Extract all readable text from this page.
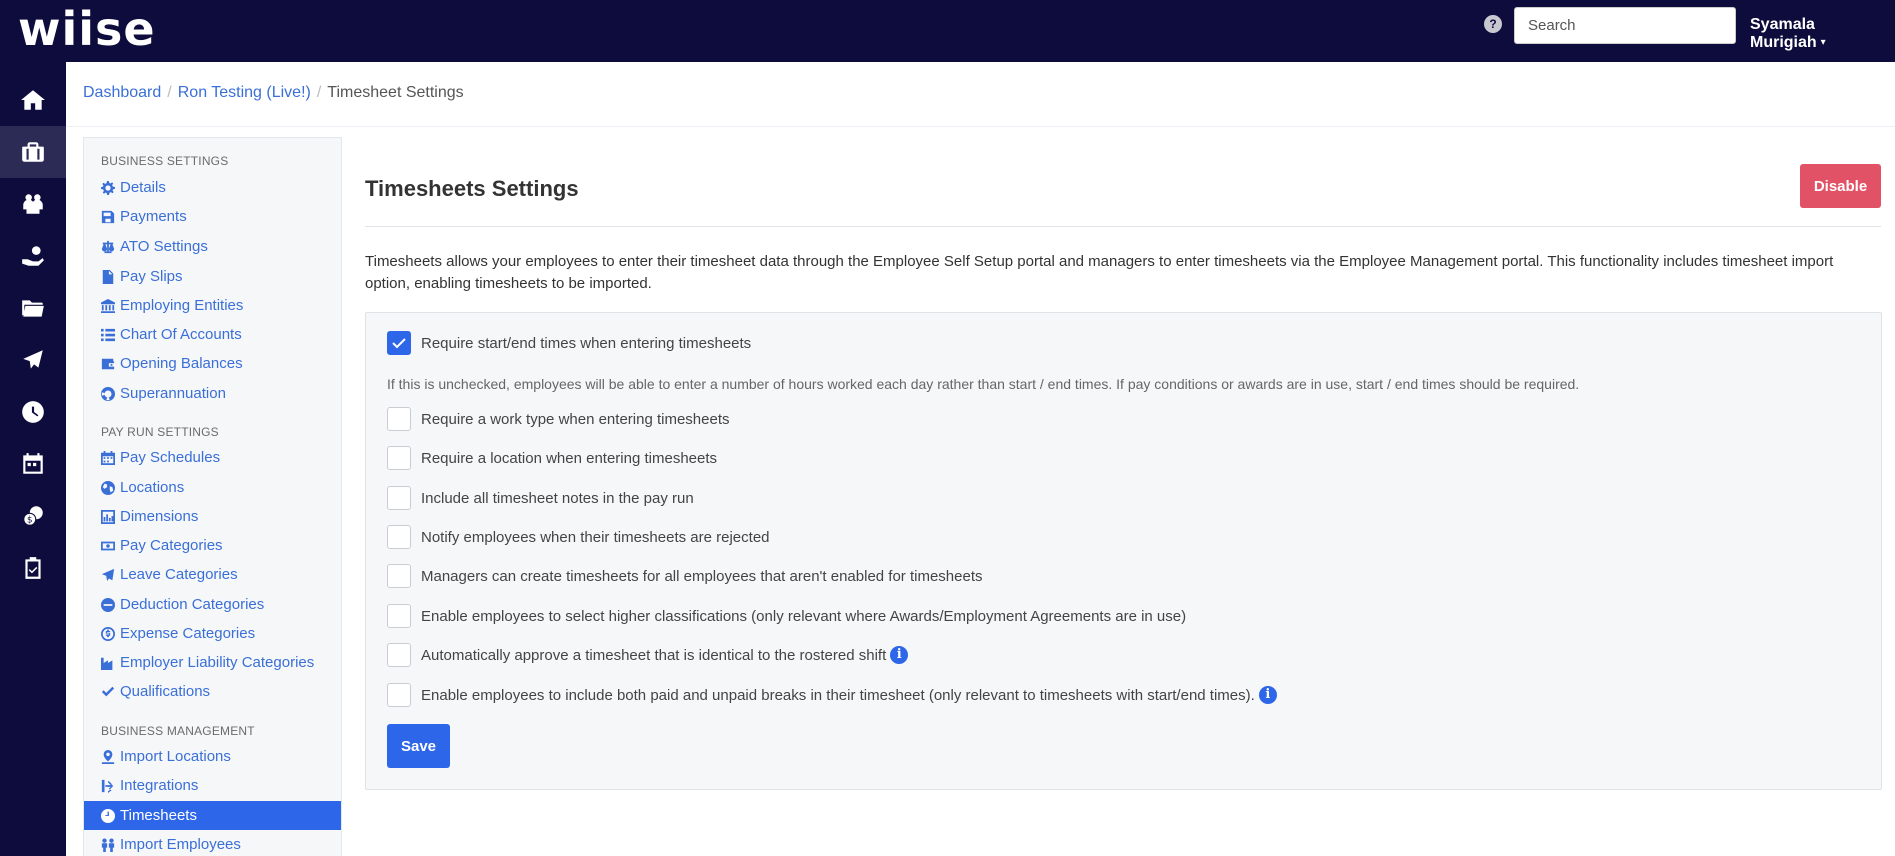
wiise	?
Search	Syamala Murigiah ▾
$
Dashboard / Ron Testing (Live!) / Timesheet Settings
BUSINESS SETTINGS
Details
Payments
ATO Settings
Pay Slips
Employing Entities
Chart Of Accounts
Opening Balances
Superannuation
PAY RUN SETTINGS
Pay Schedules
Locations
Dimensions
Pay Categories
Leave Categories
Deduction Categories
Expense Categories
Employer Liability Categories
Qualifications
BUSINESS MANAGEMENT
Import Locations
Integrations
Timesheets
Import Employees
Timesheets Settings	Disable

Timesheets allows your employees to enter their timesheet data through the Employee Self Setup portal and managers to enter timesheets via the Employee Management portal. This functionality includes timesheet import option, enabling timesheets to be imported.

Require start/end times when entering timesheets
If this is unchecked, employees will be able to enter a number of hours worked each day rather than start / end times. If pay conditions or awards are in use, start / end times should be required.
Require a work type when entering timesheets
Require a location when entering timesheets
Include all timesheet notes in the pay run
Notify employees when their timesheets are rejected
Managers can create timesheets for all employees that aren't enabled for timesheets
Enable employees to select higher classifications (only relevant where Awards/Employment Agreements are in use)
Automatically approve a timesheet that is identical to the rostered shift i
Enable employees to include both paid and unpaid breaks in their timesheet (only relevant to timesheets with start/end times). i
Save
